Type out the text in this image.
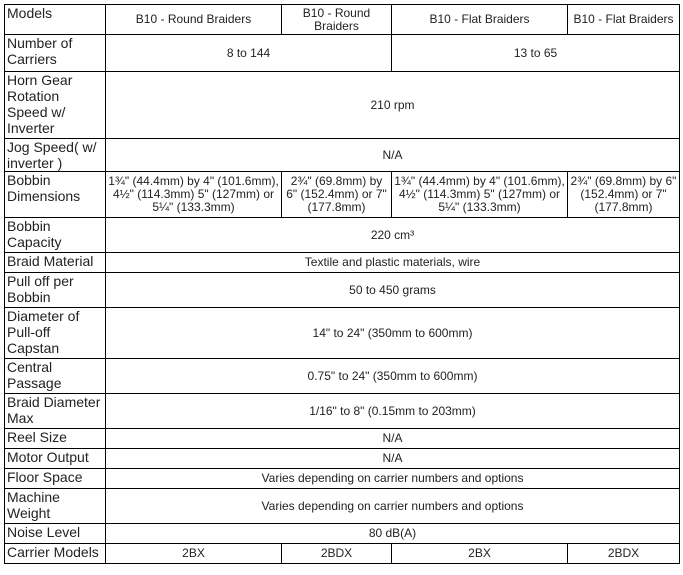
Models	B10 - Round Braiders	B10 - Round Braiders	B10 - Flat Braiders	B10 - Flat Braiders
Number of Carriers	8 to 144		13 to 65	
Horn Gear Rotation Speed w/ Inverter	210 rpm			
Jog Speed( w/ inverter )	N/A			
Bobbin Dimensions	1¾" (44.4mm) by 4" (101.6mm), 4½" (114.3mm) 5" (127mm) or 5¼" (133.3mm)	2¾" (69.8mm) by 6" (152.4mm) or 7" (177.8mm)	1¾" (44.4mm) by 4" (101.6mm), 4½" (114.3mm) 5" (127mm) or 5¼" (133.3mm)	2¾" (69.8mm) by 6" (152.4mm) or 7" (177.8mm)
Bobbin Capacity	220 cm³			
Braid Material	Textile and plastic materials, wire			
Pull off per Bobbin	50 to 450 grams			
Diameter of Pull-off Capstan	14" to 24" (350mm to 600mm)			
Central Passage	0.75" to 24" (350mm to 600mm)			
Braid Diameter Max	1/16" to 8" (0.15mm to 203mm)			
Reel Size	N/A			
Motor Output	N/A			
Floor Space	Varies depending on carrier numbers and options			
Machine Weight	Varies depending on carrier numbers and options			
Noise Level	80 dB(A)			
Carrier Models	2BX	2BDX	2BX	2BDX
